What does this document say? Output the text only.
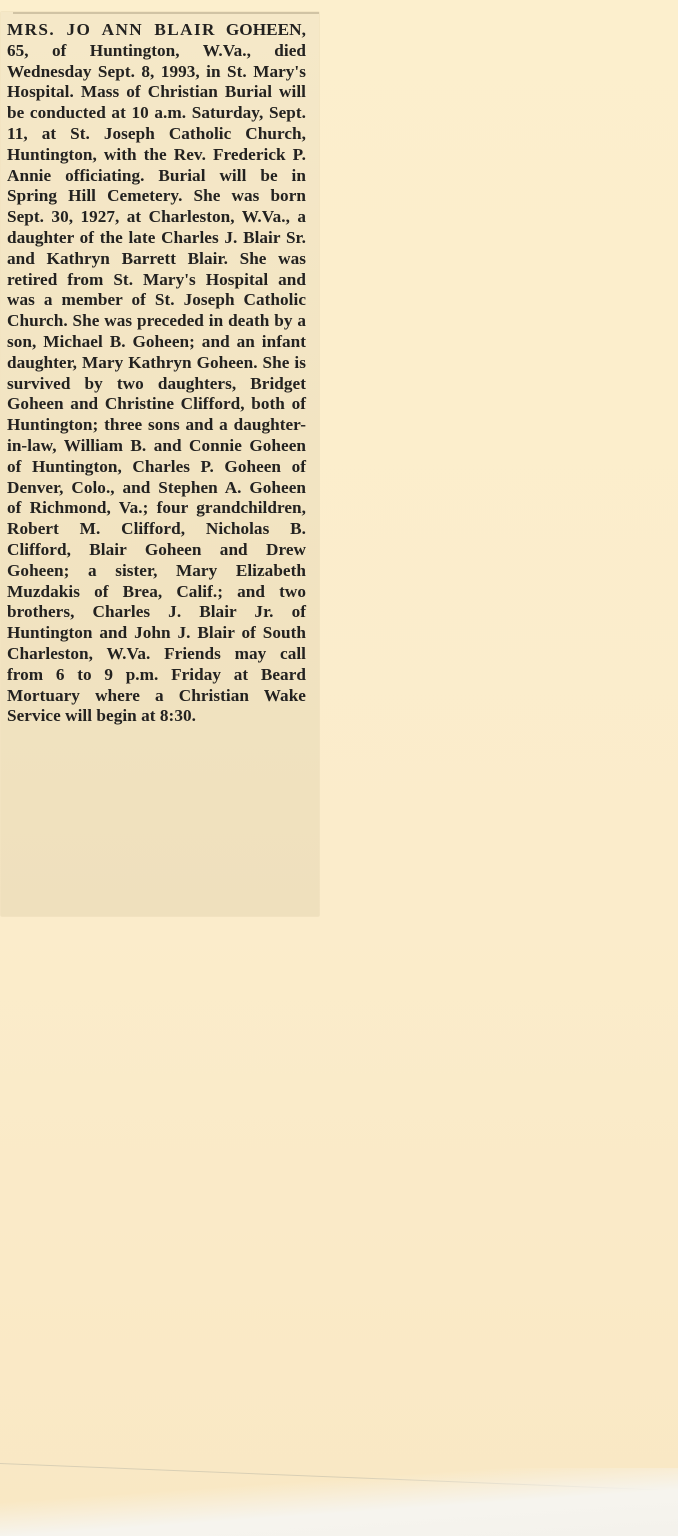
MRS. JO ANN BLAIR GOHEEN, 65, of Huntington, W.Va., died Wednesday Sept. 8, 1993, in St. Mary's Hospital. Mass of Christian Burial will be conducted at 10 a.m. Saturday, Sept. 11, at St. Joseph Catholic Church, Huntington, with the Rev. Frederick P. Annie officiating. Burial will be in Spring Hill Cemetery. She was born Sept. 30, 1927, at Charleston, W.Va., a daughter of the late Charles J. Blair Sr. and Kathryn Barrett Blair. She was retired from St. Mary's Hospital and was a member of St. Joseph Catholic Church. She was preceded in death by a son, Michael B. Goheen; and an infant daughter, Mary Kathryn Goheen. She is survived by two daughters, Bridget Goheen and Christine Clifford, both of Huntington; three sons and a daughter-in-law, William B. and Connie Goheen of Huntington, Charles P. Goheen of Denver, Colo., and Stephen A. Goheen of Richmond, Va.; four grandchildren, Robert M. Clifford, Nicholas B. Clifford, Blair Goheen and Drew Goheen; a sister, Mary Elizabeth Muzdakis of Brea, Calif.; and two brothers, Charles J. Blair Jr. of Huntington and John J. Blair of South Charleston, W.Va. Friends may call from 6 to 9 p.m. Friday at Beard Mortuary where a Christian Wake Service will begin at 8:30.
